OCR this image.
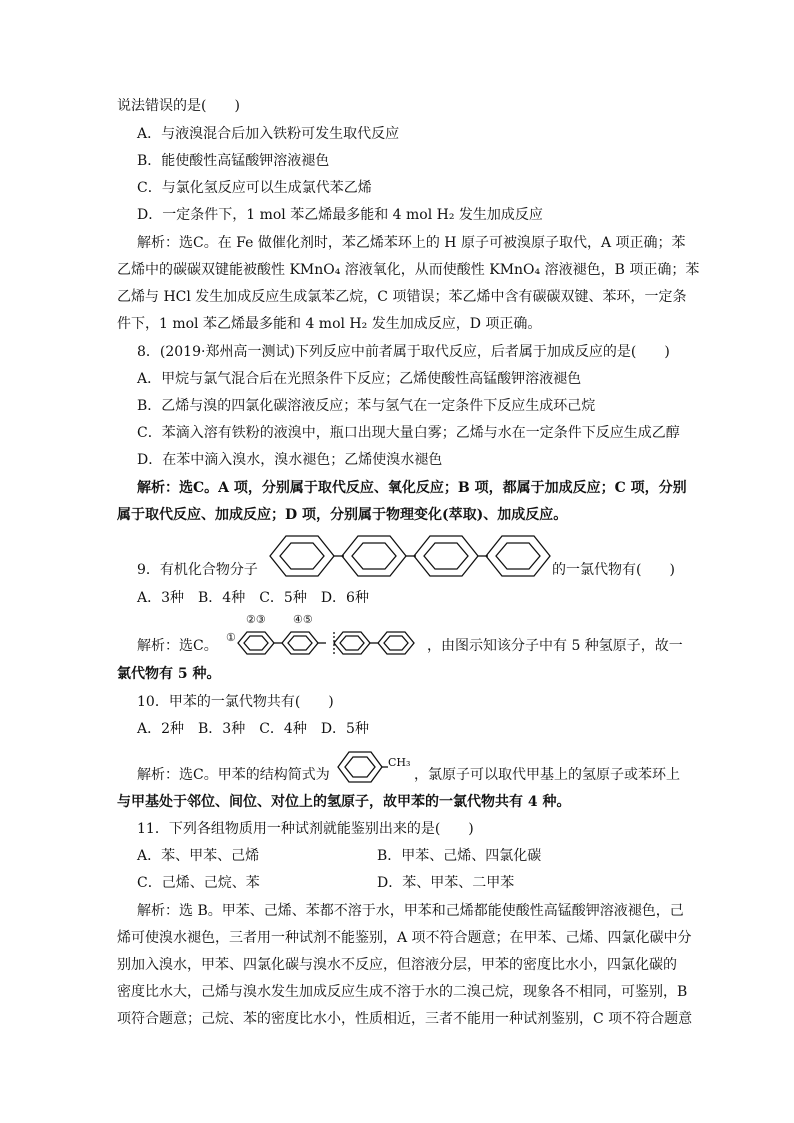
说法错误的是(　　)
A．与液溴混合后加入铁粉可发生取代反应
B．能使酸性高锰酸钾溶液褪色
C．与氯化氢反应可以生成氯代苯乙烯
D．一定条件下，1 mol 苯乙烯最多能和 4 mol H₂ 发生加成反应
解析：选C。在 Fe 做催化剂时，苯乙烯苯环上的 H 原子可被溴原子取代，A 项正确；苯
乙烯中的碳碳双键能被酸性 KMnO₄ 溶液氧化，从而使酸性 KMnO₄ 溶液褪色，B 项正确；苯
乙烯与 HCl 发生加成反应生成氯苯乙烷，C 项错误；苯乙烯中含有碳碳双键、苯环，一定条
件下，1 mol 苯乙烯最多能和 4 mol H₂ 发生加成反应，D 项正确。
8．(2019·郑州高一测试)下列反应中前者属于取代反应，后者属于加成反应的是(　　)
A．甲烷与氯气混合后在光照条件下反应；乙烯使酸性高锰酸钾溶液褪色
B．乙烯与溴的四氯化碳溶液反应；苯与氢气在一定条件下反应生成环己烷
C．苯滴入溶有铁粉的液溴中，瓶口出现大量白雾；乙烯与水在一定条件下反应生成乙醇
D．在苯中滴入溴水，溴水褪色；乙烯使溴水褪色
解析：选C。A 项，分别属于取代反应、氧化反应；B 项，都属于加成反应；C 项，分别
属于取代反应、加成反应；D 项，分别属于物理变化(萃取)、加成反应。
9．有机化合物分子	的一氯代物有(　　)
A．3种　B．4种　C．5种　D．6种
解析：选C。
①
②③ ④⑤
，由图示知该分子中有 5 种氢原子，故一
氯代物有 5 种。
10．甲苯的一氯代物共有(　　)
A．2种　B．3种　C．4种　D．5种
解析：选C。甲苯的结构简式为
CH₃
，氯原子可以取代甲基上的氢原子或苯环上
与甲基处于邻位、间位、对位上的氢原子，故甲苯的一氯代物共有 4 种。
11．下列各组物质用一种试剂就能鉴别出来的是(　　)
A．苯、甲苯、己烯	B．甲苯、己烯、四氯化碳
C．己烯、己烷、苯	D．苯、甲苯、二甲苯
解析：选 B。甲苯、己烯、苯都不溶于水，甲苯和己烯都能使酸性高锰酸钾溶液褪色，己
烯可使溴水褪色，三者用一种试剂不能鉴别，A 项不符合题意；在甲苯、己烯、四氯化碳中分
别加入溴水，甲苯、四氯化碳与溴水不反应，但溶液分层，甲苯的密度比水小，四氯化碳的
密度比水大，己烯与溴水发生加成反应生成不溶于水的二溴己烷，现象各不相同，可鉴别，B
项符合题意；己烷、苯的密度比水小，性质相近，三者不能用一种试剂鉴别，C 项不符合题意
